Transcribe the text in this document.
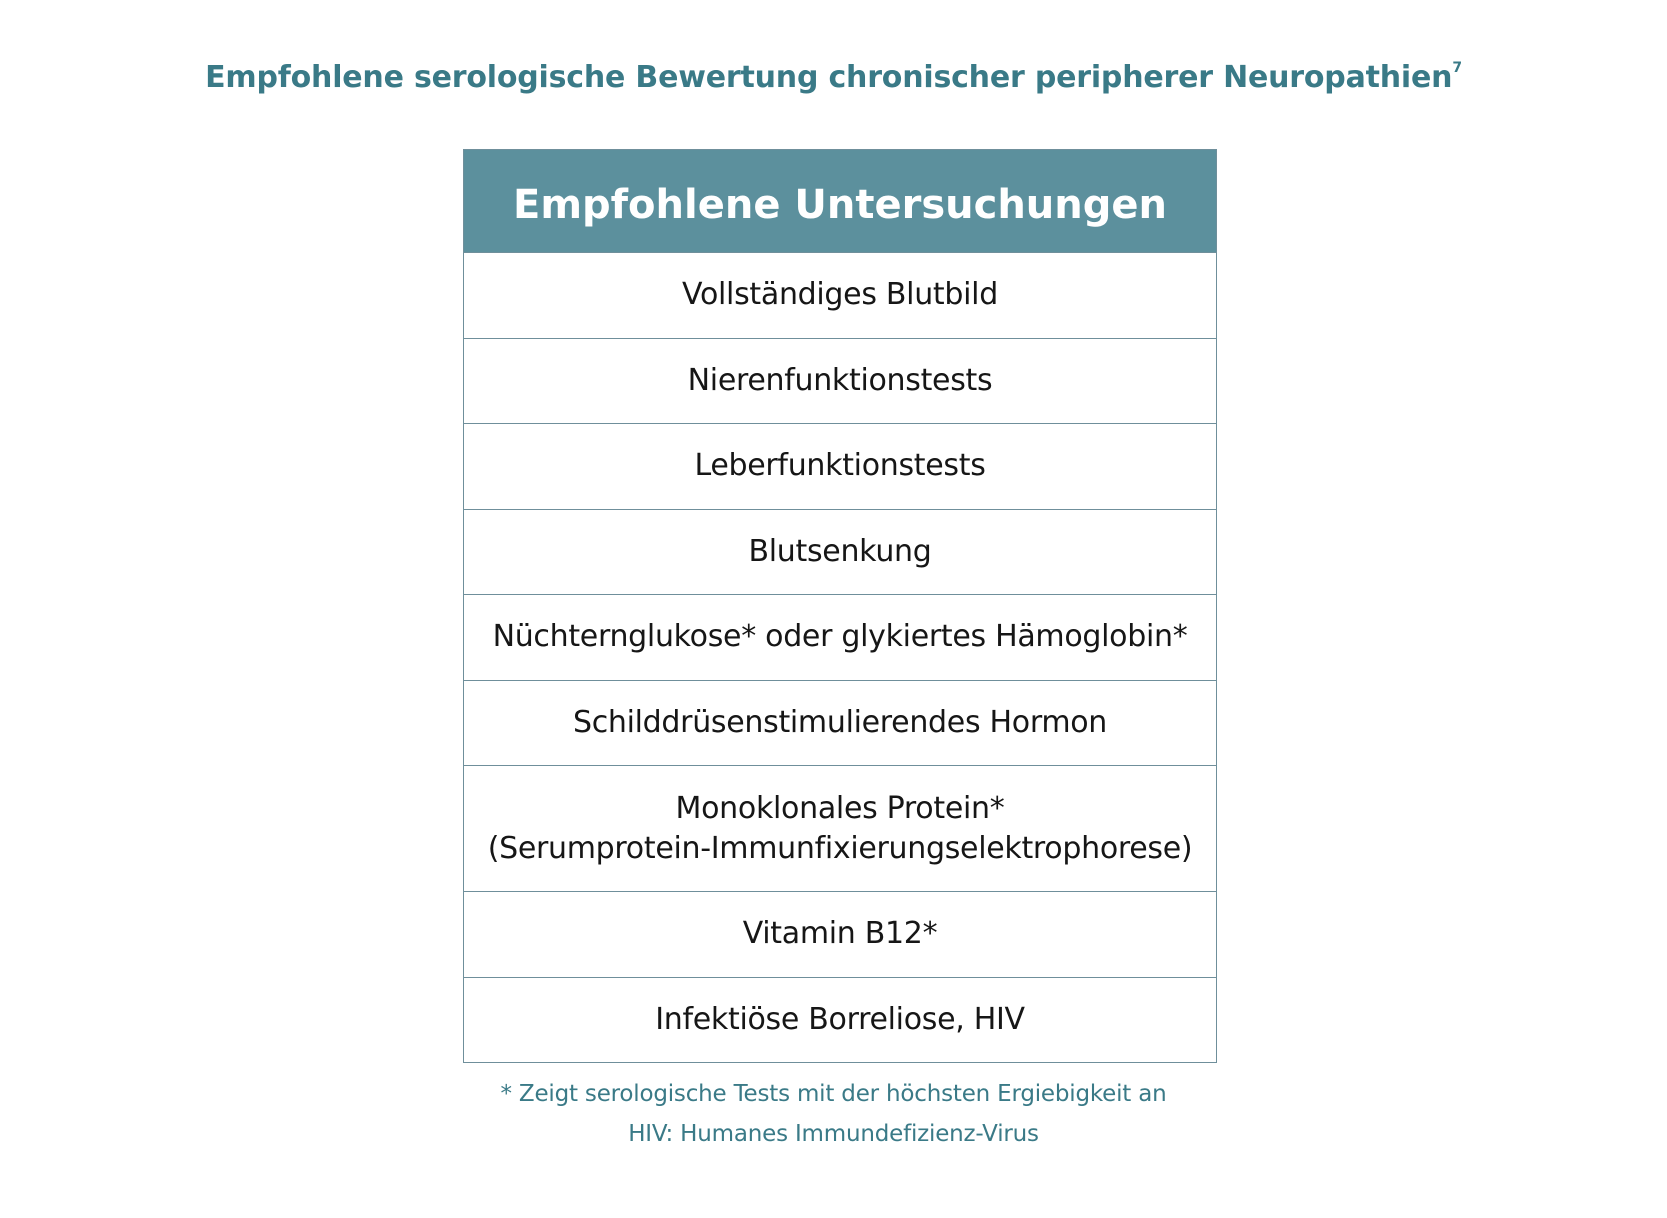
Empfohlene serologische Bewertung chronischer peripherer Neuropathien$^7$
Empfohlene Untersuchungen
Vollständiges Blutbild
Nierenfunktionstests
Leberfunktionstests
Blutsenkung
Nüchternglukose* oder glykiertes Hämoglobin*
Schilddrüsenstimulierendes Hormon
Monoklonales Protein*
(Serumprotein-Immunfixierungselektrophorese)
Vitamin B12*
Infektiöse Borreliose, HIV
* Zeigt serologische Tests mit der höchsten Ergiebigkeit an
HIV: Humanes Immundefizienz-Virus
